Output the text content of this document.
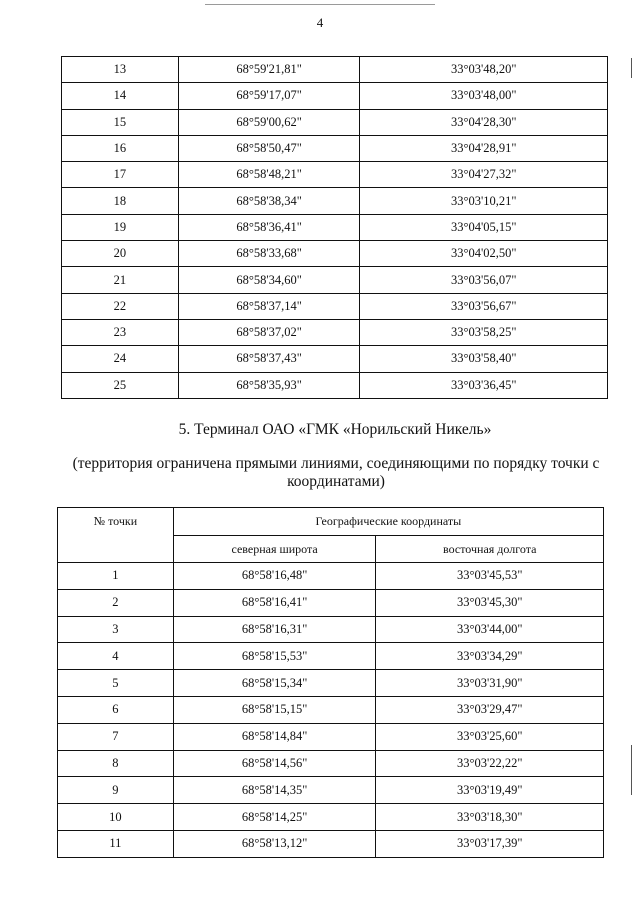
4
13	68°59'21,81"	33°03'48,20"
14	68°59'17,07"	33°03'48,00"
15	68°59'00,62"	33°04'28,30"
16	68°58'50,47"	33°04'28,91"
17	68°58'48,21"	33°04'27,32"
18	68°58'38,34"	33°03'10,21"
19	68°58'36,41"	33°04'05,15"
20	68°58'33,68"	33°04'02,50"
21	68°58'34,60"	33°03'56,07"
22	68°58'37,14"	33°03'56,67"
23	68°58'37,02"	33°03'58,25"
24	68°58'37,43"	33°03'58,40"
25	68°58'35,93"	33°03'36,45"
5. Терминал ОАО «ГМК «Норильский Никель»
(территория ограничена прямыми линиями, соединяющими по порядку точки с координатами)
№ точки	Географические координаты	
	северная широта	восточная долгота
1	68°58'16,48"	33°03'45,53"
2	68°58'16,41"	33°03'45,30"
3	68°58'16,31"	33°03'44,00"
4	68°58'15,53"	33°03'34,29"
5	68°58'15,34"	33°03'31,90"
6	68°58'15,15"	33°03'29,47"
7	68°58'14,84"	33°03'25,60"
8	68°58'14,56"	33°03'22,22"
9	68°58'14,35"	33°03'19,49"
10	68°58'14,25"	33°03'18,30"
11	68°58'13,12"	33°03'17,39"
